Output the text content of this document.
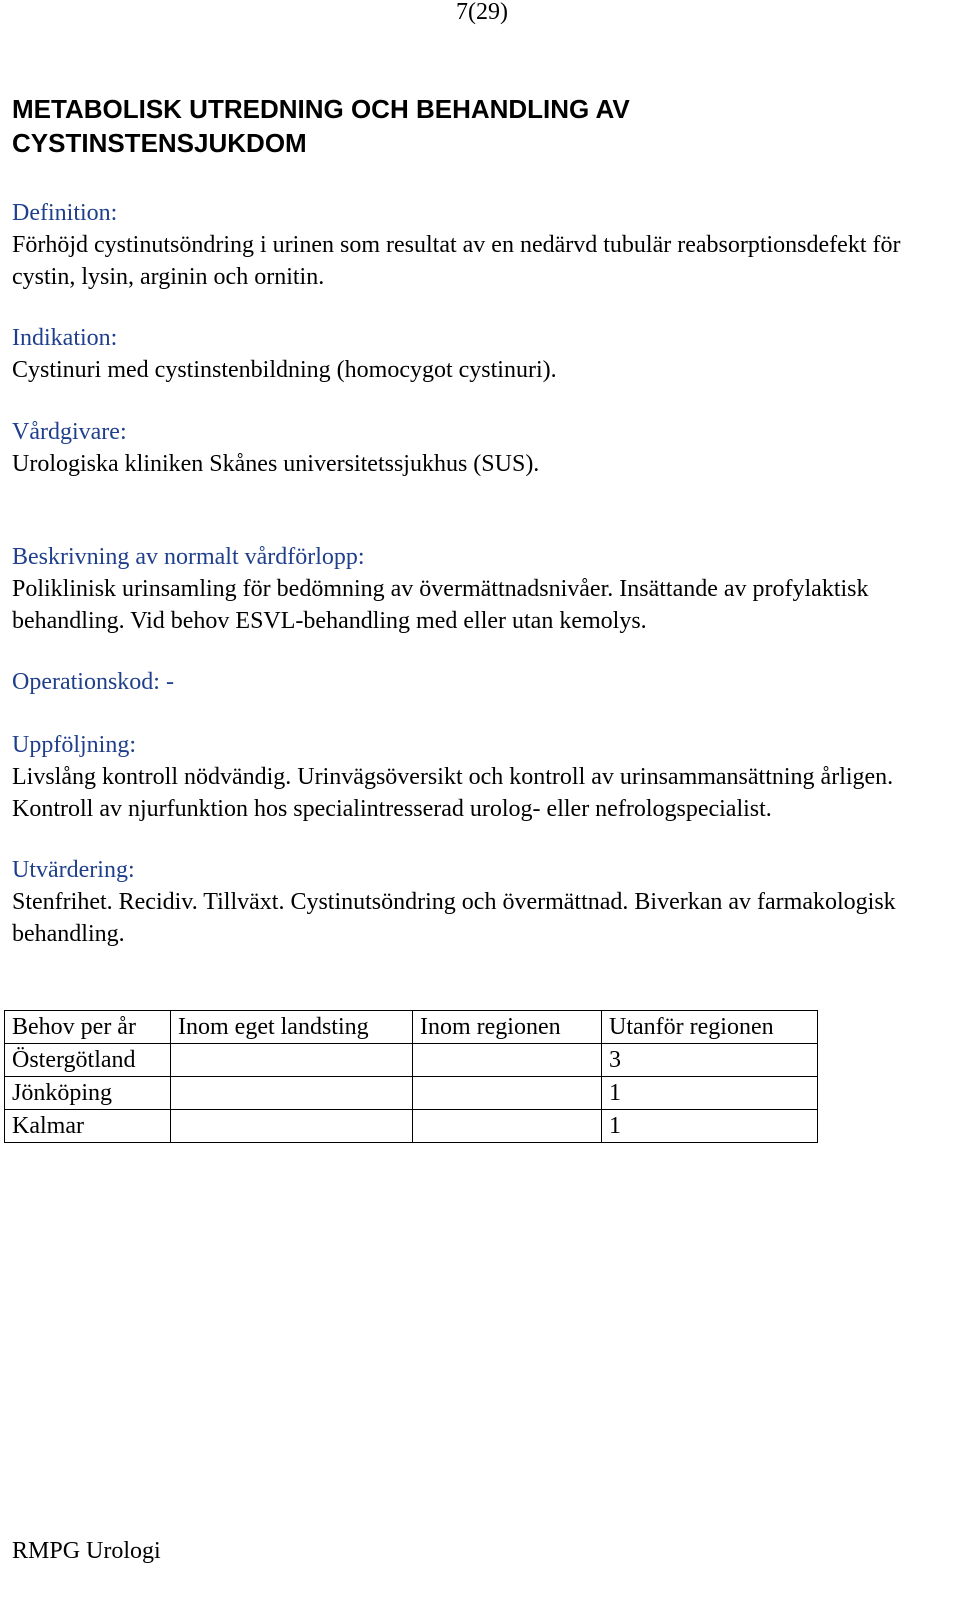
7(29)
METABOLISK UTREDNING OCH BEHANDLING AV CYSTINSTENSJUKDOM
Definition:
Förhöjd cystinutsöndring i urinen som resultat av en nedärvd tubulär reabsorptionsdefekt för cystin, lysin, arginin och ornitin.
Indikation:
Cystinuri med cystinstenbildning (homocygot cystinuri).
Vårdgivare:
Urologiska kliniken Skånes universitetssjukhus (SUS).
Beskrivning av normalt vårdförlopp:
Poliklinisk urinsamling för bedömning av övermättnadsnivåer. Insättande av profylaktisk behandling. Vid behov ESVL-behandling med eller utan kemolys.
Operationskod: -
Uppföljning:
Livslång kontroll nödvändig. Urinvägsöversikt och kontroll av urinsammansättning årligen. Kontroll av njurfunktion hos specialintresserad urolog- eller nefrologspecialist.
Utvärdering:
Stenfrihet. Recidiv. Tillväxt. Cystinutsöndring och övermättnad. Biverkan av farmakologisk behandling.
Behov per år	Inom eget landsting	Inom regionen	Utanför regionen
Östergötland			3
Jönköping			1
Kalmar			1
RMPG Urologi
